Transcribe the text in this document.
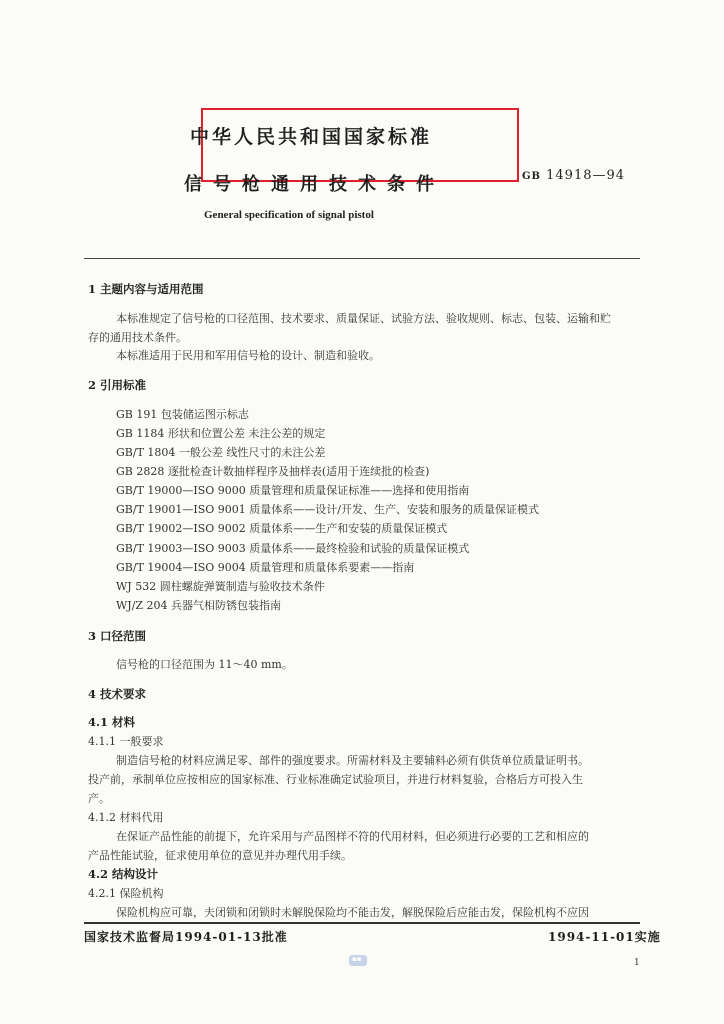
中华人民共和国国家标准
信号枪通用技术条件	GB 14918—94
General specification of signal pistol
1 主题内容与适用范围
本标准规定了信号枪的口径范围、技术要求、质量保证、试验方法、验收规则、标志、包装、运输和贮
存的通用技术条件。
本标准适用于民用和军用信号枪的设计、制造和验收。
2 引用标准
GB 191 包装储运图示标志
GB 1184 形状和位置公差 未注公差的规定
GB/T 1804 一般公差 线性尺寸的未注公差
GB 2828 逐批检查计数抽样程序及抽样表(适用于连续批的检查)
GB/T 19000—ISO 9000 质量管理和质量保证标准——选择和使用指南
GB/T 19001—ISO 9001 质量体系——设计/开发、生产、安装和服务的质量保证模式
GB/T 19002—ISO 9002 质量体系——生产和安装的质量保证模式
GB/T 19003—ISO 9003 质量体系——最终检验和试验的质量保证模式
GB/T 19004—ISO 9004 质量管理和质量体系要素——指南
WJ 532 圆柱螺旋弹簧制造与验收技术条件
WJ/Z 204 兵器气相防锈包装指南
3 口径范围
信号枪的口径范围为 11～40 mm。
4 技术要求
4.1 材料
4.1.1 一般要求
制造信号枪的材料应满足零、部件的强度要求。所需材料及主要辅料必须有供货单位质量证明书。
投产前，承制单位应按相应的国家标准、行业标准确定试验项目，并进行材料复验，合格后方可投入生
产。
4.1.2 材料代用
在保证产品性能的前提下，允许采用与产品图样不符的代用材料，但必须进行必要的工艺和相应的
产品性能试验，征求使用单位的意见并办理代用手续。
4.2 结构设计
4.2.1 保险机构
保险机构应可靠，夫闭锁和闭锁时未解脱保险均不能击发，解脱保险后应能击发，保险机构不应因
国家技术监督局1994-01-13批准	1994-11-01实施
▪▪	1
